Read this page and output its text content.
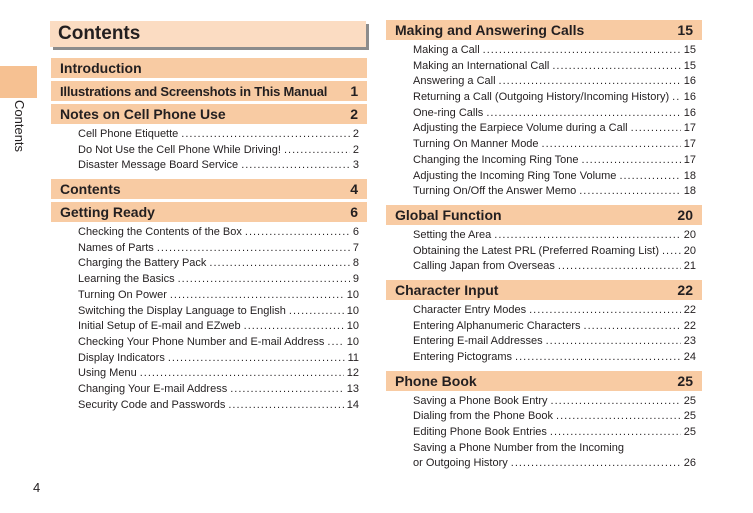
Contents
4
Contents
Introduction
Illustrations and Screenshots in This Manual 1
Notes on Cell Phone Use	2
Cell Phone Etiquette .....	2
Do Not Use the Cell Phone While Driving! .....	2
Disaster Message Board Service .....	3
Contents	4
Getting Ready	6
Checking the Contents of the Box .....	6
Names of Parts .....	7
Charging the Battery Pack .....	8
Learning the Basics .....	9
Turning On Power .....	10
Switching the Display Language to English .....	10
Initial Setup of E-mail and EZweb .....	10
Checking Your Phone Number and E-mail Address ..... 10
Display Indicators .....	11
Using Menu .....	12
Changing Your E-mail Address .....	13
Security Code and Passwords .....	14
Making and Answering Calls	15
Making a Call .....	15
Making an International Call .....	15
Answering a Call .....	16
Returning a Call (Outgoing History/Incoming History) ..... 16
One-ring Calls .....	16
Adjusting the Earpiece Volume during a Call .....	17
Turning On Manner Mode .....	17
Changing the Incoming Ring Tone .....	17
Adjusting the Incoming Ring Tone Volume .....	18
Turning On/Off the Answer Memo .....	18
Global Function	20
Setting the Area .....	20
Obtaining the Latest PRL (Preferred Roaming List) ..... 20
Calling Japan from Overseas .....	21
Character Input	22
Character Entry Modes .....	22
Entering Alphanumeric Characters .....	22
Entering E-mail Addresses .....	23
Entering Pictograms .....	24
Phone Book	25
Saving a Phone Book Entry .....	25
Dialing from the Phone Book .....	25
Editing Phone Book Entries .....	25
Saving a Phone Number from the Incoming
or Outgoing History .....	26
